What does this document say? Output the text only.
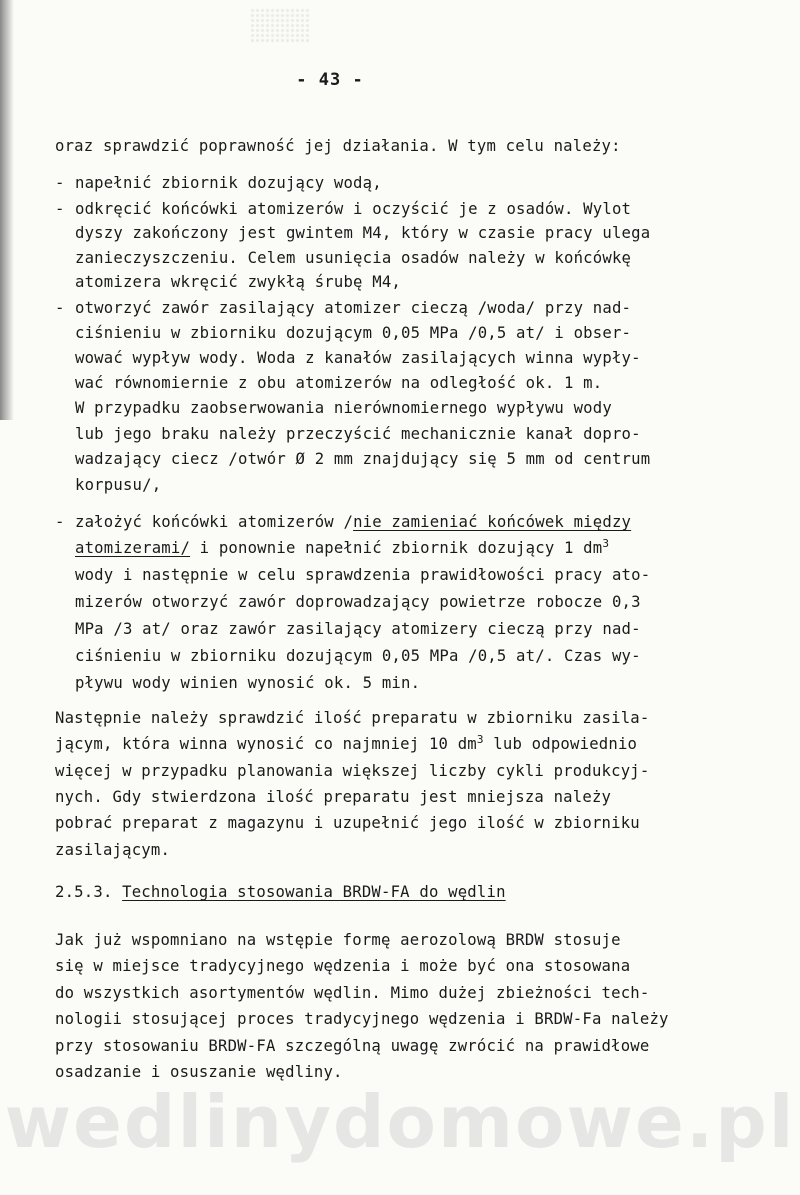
- 43 -
oraz sprawdzić poprawność jej działania. W tym celu należy:
- napełnić zbiornik dozujący wodą,
- odkręcić końcówki atomizerów i oczyścić je z osadów. Wylot
dyszy zakończony jest gwintem M4, który w czasie pracy ulega
zanieczyszczeniu. Celem usunięcia osadów należy w końcówkę
atomizera wkręcić zwykłą śrubę M4,
- otworzyć zawór zasilający atomizer cieczą /woda/ przy nad-
ciśnieniu w zbiorniku dozującym 0,05 MPa /0,5 at/ i obser-
wować wypływ wody. Woda z kanałów zasilających winna wypły-
wać równomiernie z obu atomizerów na odległość ok. 1 m.
W przypadku zaobserwowania nierównomiernego wypływu wody
lub jego braku należy przeczyścić mechanicznie kanał dopro-
wadzający ciecz /otwór Ø 2 mm znajdujący się 5 mm od centrum
korpusu/,
- założyć końcówki atomizerów /nie zamieniać końcówek między
atomizerami/ i ponownie napełnić zbiornik dozujący 1 $dm^3$
wody i następnie w celu sprawdzenia prawidłowości pracy ato-
mizerów otworzyć zawór doprowadzający powietrze robocze 0,3
MPa /3 at/ oraz zawór zasilający atomizery cieczą przy nad-
ciśnieniu w zbiorniku dozującym 0,05 MPa /0,5 at/. Czas wy-
pływu wody winien wynosić ok. 5 min.
Następnie należy sprawdzić ilość preparatu w zbiorniku zasila-
jącym, która winna wynosić co najmniej 10 $dm^3$ lub odpowiednio
więcej w przypadku planowania większej liczby cykli produkcyj-
nych. Gdy stwierdzona ilość preparatu jest mniejsza należy
pobrać preparat z magazynu i uzupełnić jego ilość w zbiorniku
zasilającym.
2.5.3. Technologia stosowania BRDW-FA do wędlin
Jak już wspomniano na wstępie formę aerozolową BRDW stosuje
się w miejsce tradycyjnego wędzenia i może być ona stosowana
do wszystkich asortymentów wędlin. Mimo dużej zbieżności tech-
nologii stosującej proces tradycyjnego wędzenia i BRDW-Fa należy
przy stosowaniu BRDW-FA szczególną uwagę zwrócić na prawidłowe
osadzanie i osuszanie wędliny.
wedlinydomowe.pl
